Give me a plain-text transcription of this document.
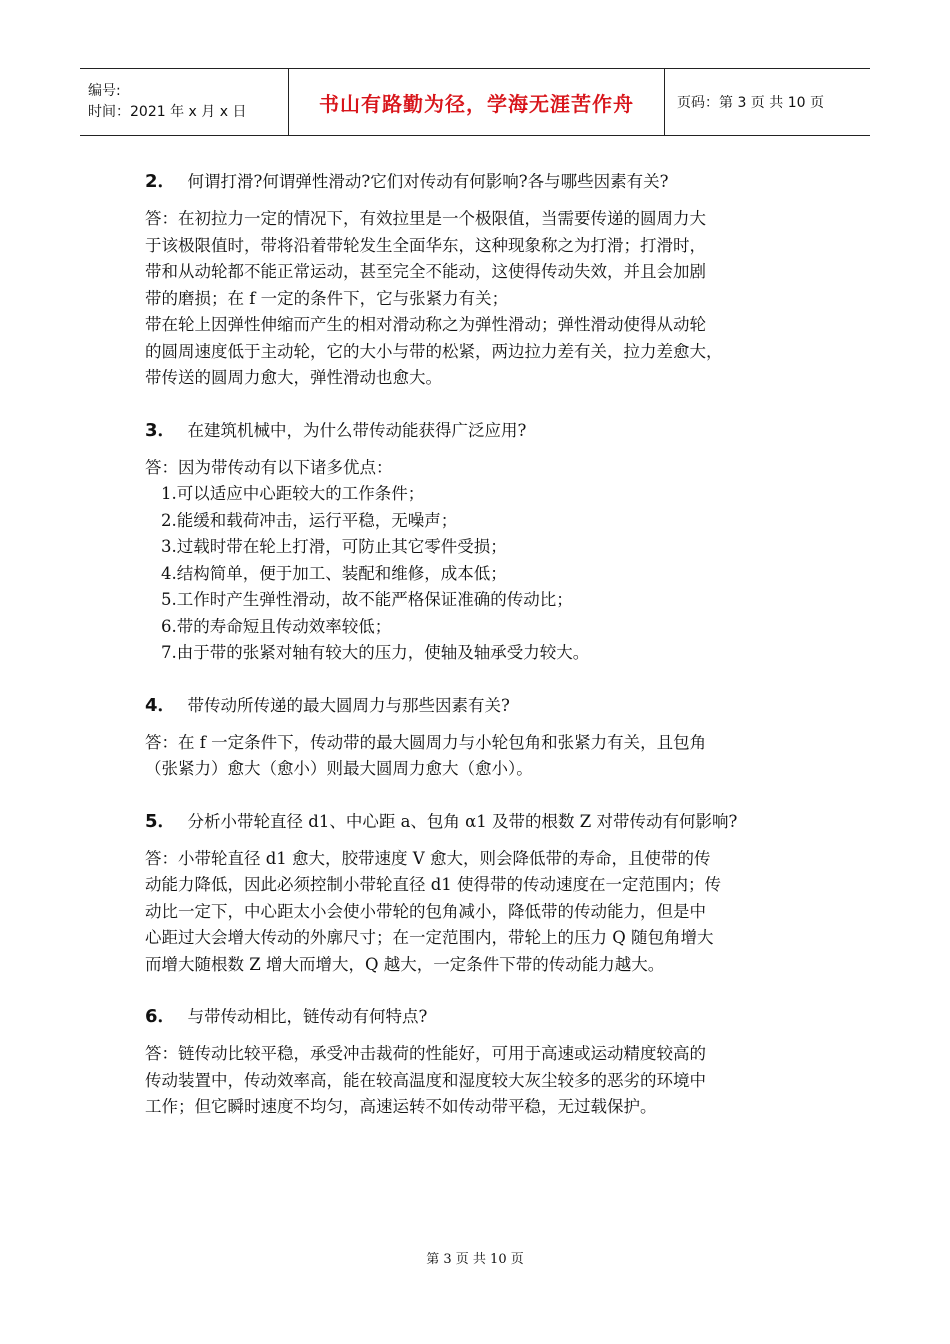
编号:
时间：2021 年 x 月 x 日	书山有路勤为径，学海无涯苦作舟	页码：第 3 页 共 10 页

2． 何谓打滑?何谓弹性滑动?它们对传动有何影响?各与哪些因素有关?

答：在初拉力一定的情况下，有效拉里是一个极限值，当需要传递的圆周力大
于该极限值时，带将沿着带轮发生全面华东，这种现象称之为打滑；打滑时，
带和从动轮都不能正常运动，甚至完全不能动，这使得传动失效，并且会加剧
带的磨损；在 f 一定的条件下，它与张紧力有关；
带在轮上因弹性伸缩而产生的相对滑动称之为弹性滑动；弹性滑动使得从动轮
的圆周速度低于主动轮，它的大小与带的松紧，两边拉力差有关，拉力差愈大，
带传送的圆周力愈大，弹性滑动也愈大。

3． 在建筑机械中，为什么带传动能获得广泛应用?

答：因为带传动有以下诸多优点：
1.可以适应中心距较大的工作条件；
2.能缓和载荷冲击，运行平稳，无噪声；
3.过载时带在轮上打滑，可防止其它零件受损；
4.结构简单，便于加工、装配和维修，成本低；
5.工作时产生弹性滑动，故不能严格保证准确的传动比；
6.带的寿命短且传动效率较低；
7.由于带的张紧对轴有较大的压力，使轴及轴承受力较大。

4． 带传动所传递的最大圆周力与那些因素有关?

答：在 f 一定条件下，传动带的最大圆周力与小轮包角和张紧力有关，且包角
（张紧力）愈大（愈小）则最大圆周力愈大（愈小）。

5． 分析小带轮直径 d1、中心距 a、包角 α1 及带的根数 Z 对带传动有何影响?

答：小带轮直径 d1 愈大，胶带速度 V 愈大，则会降低带的寿命，且使带的传
动能力降低，因此必须控制小带轮直径 d1 使得带的传动速度在一定范围内；传
动比一定下，中心距太小会使小带轮的包角减小，降低带的传动能力，但是中
心距过大会增大传动的外廓尺寸；在一定范围内，带轮上的压力 Q 随包角增大
而增大随根数 Z 增大而增大，Q 越大，一定条件下带的传动能力越大。

6． 与带传动相比，链传动有何特点?

答：链传动比较平稳，承受冲击裁荷的性能好，可用于高速或运动精度较高的
传动装置中，传动效率高，能在较高温度和湿度较大灰尘较多的恶劣的环境中
工作；但它瞬时速度不均匀，高速运转不如传动带平稳，无过载保护。
第 3 页 共 10 页
